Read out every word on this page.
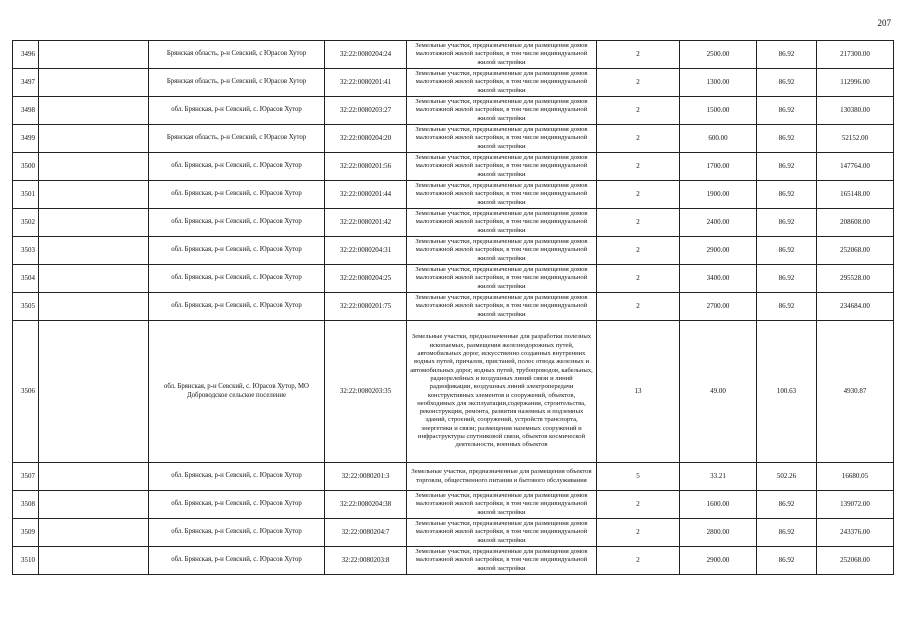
207
3496		Брянская область, р-н Севский, с Юрасов Хутор	32:22:0080204:24	Земельные участки, предназначенные для размещения домов малоэтажной жилой застройки, в том числе индивидуальной жилой застройки	2	2500.00	86.92	217300.00
3497		Брянская область, р-н Севский, с Юрасов Хутор	32:22:0080201:41	Земельные участки, предназначенные для размещения домов малоэтажной жилой застройки, в том числе индивидуальной жилой застройки	2	1300.00	86.92	112996.00
3498		обл. Брянская, р-н Севский, с. Юрасов Хутор	32:22:0080203:27	Земельные участки, предназначенные для размещения домов малоэтажной жилой застройки, в том числе индивидуальной жилой застройки	2	1500.00	86.92	130380.00
3499		Брянская область, р-н Севский, с Юрасов Хутор	32:22:0080204:20	Земельные участки, предназначенные для размещения домов малоэтажной жилой застройки, в том числе индивидуальной жилой застройки	2	600.00	86.92	52152.00
3500		обл. Брянская, р-н Севский, с. Юрасов Хутор	32:22:0080201:56	Земельные участки, предназначенные для размещения домов малоэтажной жилой застройки, в том числе индивидуальной жилой застройки	2	1700.00	86.92	147764.00
3501		обл. Брянская, р-н Севский, с. Юрасов Хутор	32:22:0080201:44	Земельные участки, предназначенные для размещения домов малоэтажной жилой застройки, в том числе индивидуальной жилой застройки	2	1900.00	86.92	165148.00
3502		обл. Брянская, р-н Севский, с. Юрасов Хутор	32:22:0080201:42	Земельные участки, предназначенные для размещения домов малоэтажной жилой застройки, в том числе индивидуальной жилой застройки	2	2400.00	86.92	208608.00
3503		обл. Брянская, р-н Севский, с. Юрасов Хутор	32:22:0080204:31	Земельные участки, предназначенные для размещения домов малоэтажной жилой застройки, в том числе индивидуальной жилой застройки	2	2900.00	86.92	252068.00
3504		обл. Брянская, р-н Севский, с. Юрасов Хутор	32:22:0080204:25	Земельные участки, предназначенные для размещения домов малоэтажной жилой застройки, в том числе индивидуальной жилой застройки	2	3400.00	86.92	295528.00
3505		обл. Брянская, р-н Севский, с. Юрасов Хутор	32:22:0080201:75	Земельные участки, предназначенные для размещения домов малоэтажной жилой застройки, в том числе индивидуальной жилой застройки	2	2700.00	86.92	234684.00
3506		обл. Брянская, р-н Севский, с. Юрасов Хутор, МО Доброводское сельское поселение	32:22:0080203:35	Земельные участки, предназначенные для разработки полезных ископаемых, размещения железнодорожных путей, автомобильных дорог, искусственно созданных внутренних водных путей, причалов, пристаней, полос отвода железных и автомобильных дорог, водных путей, трубопроводов, кабельных, радиорелейных и воздушных линий связи и линий радиофикации, воздушных линий электропередачи конструктивных элементов и сооружений, объектов, необходимых для эксплуатации,содержания, строительства, реконструкции, ремонта, развития наземных и подземных зданий, строений, сооружений, устройств транспорта, энергетики и связи; размещения наземных сооружений и инфраструктуры спутниковой связи, объектов космической деятельности, военных объектов	13	49.00	100.63	4930.87
3507		обл. Брянская, р-н Севский, с. Юрасов Хутор	32:22:0080201:3	Земельные участки, предназначенные для размещения объектов торговли, общественного питания и бытового обслуживания	5	33.21	502.26	16680.05
3508		обл. Брянская, р-н Севский, с. Юрасов Хутор	32:22:0080204:38	Земельные участки, предназначенные для размещения домов малоэтажной жилой застройки, в том числе индивидуальной жилой застройки	2	1600.00	86.92	139072.00
3509		обл. Брянская, р-н Севский, с. Юрасов Хутор	32:22:0080204:7	Земельные участки, предназначенные для размещения домов малоэтажной жилой застройки, в том числе индивидуальной жилой застройки	2	2800.00	86.92	243376.00
3510		обл. Брянская, р-н Севский, с. Юрасов Хутор	32:22:0080203:8	Земельные участки, предназначенные для размещения домов малоэтажной жилой застройки, в том числе индивидуальной жилой застройки	2	2900.00	86.92	252068.00
